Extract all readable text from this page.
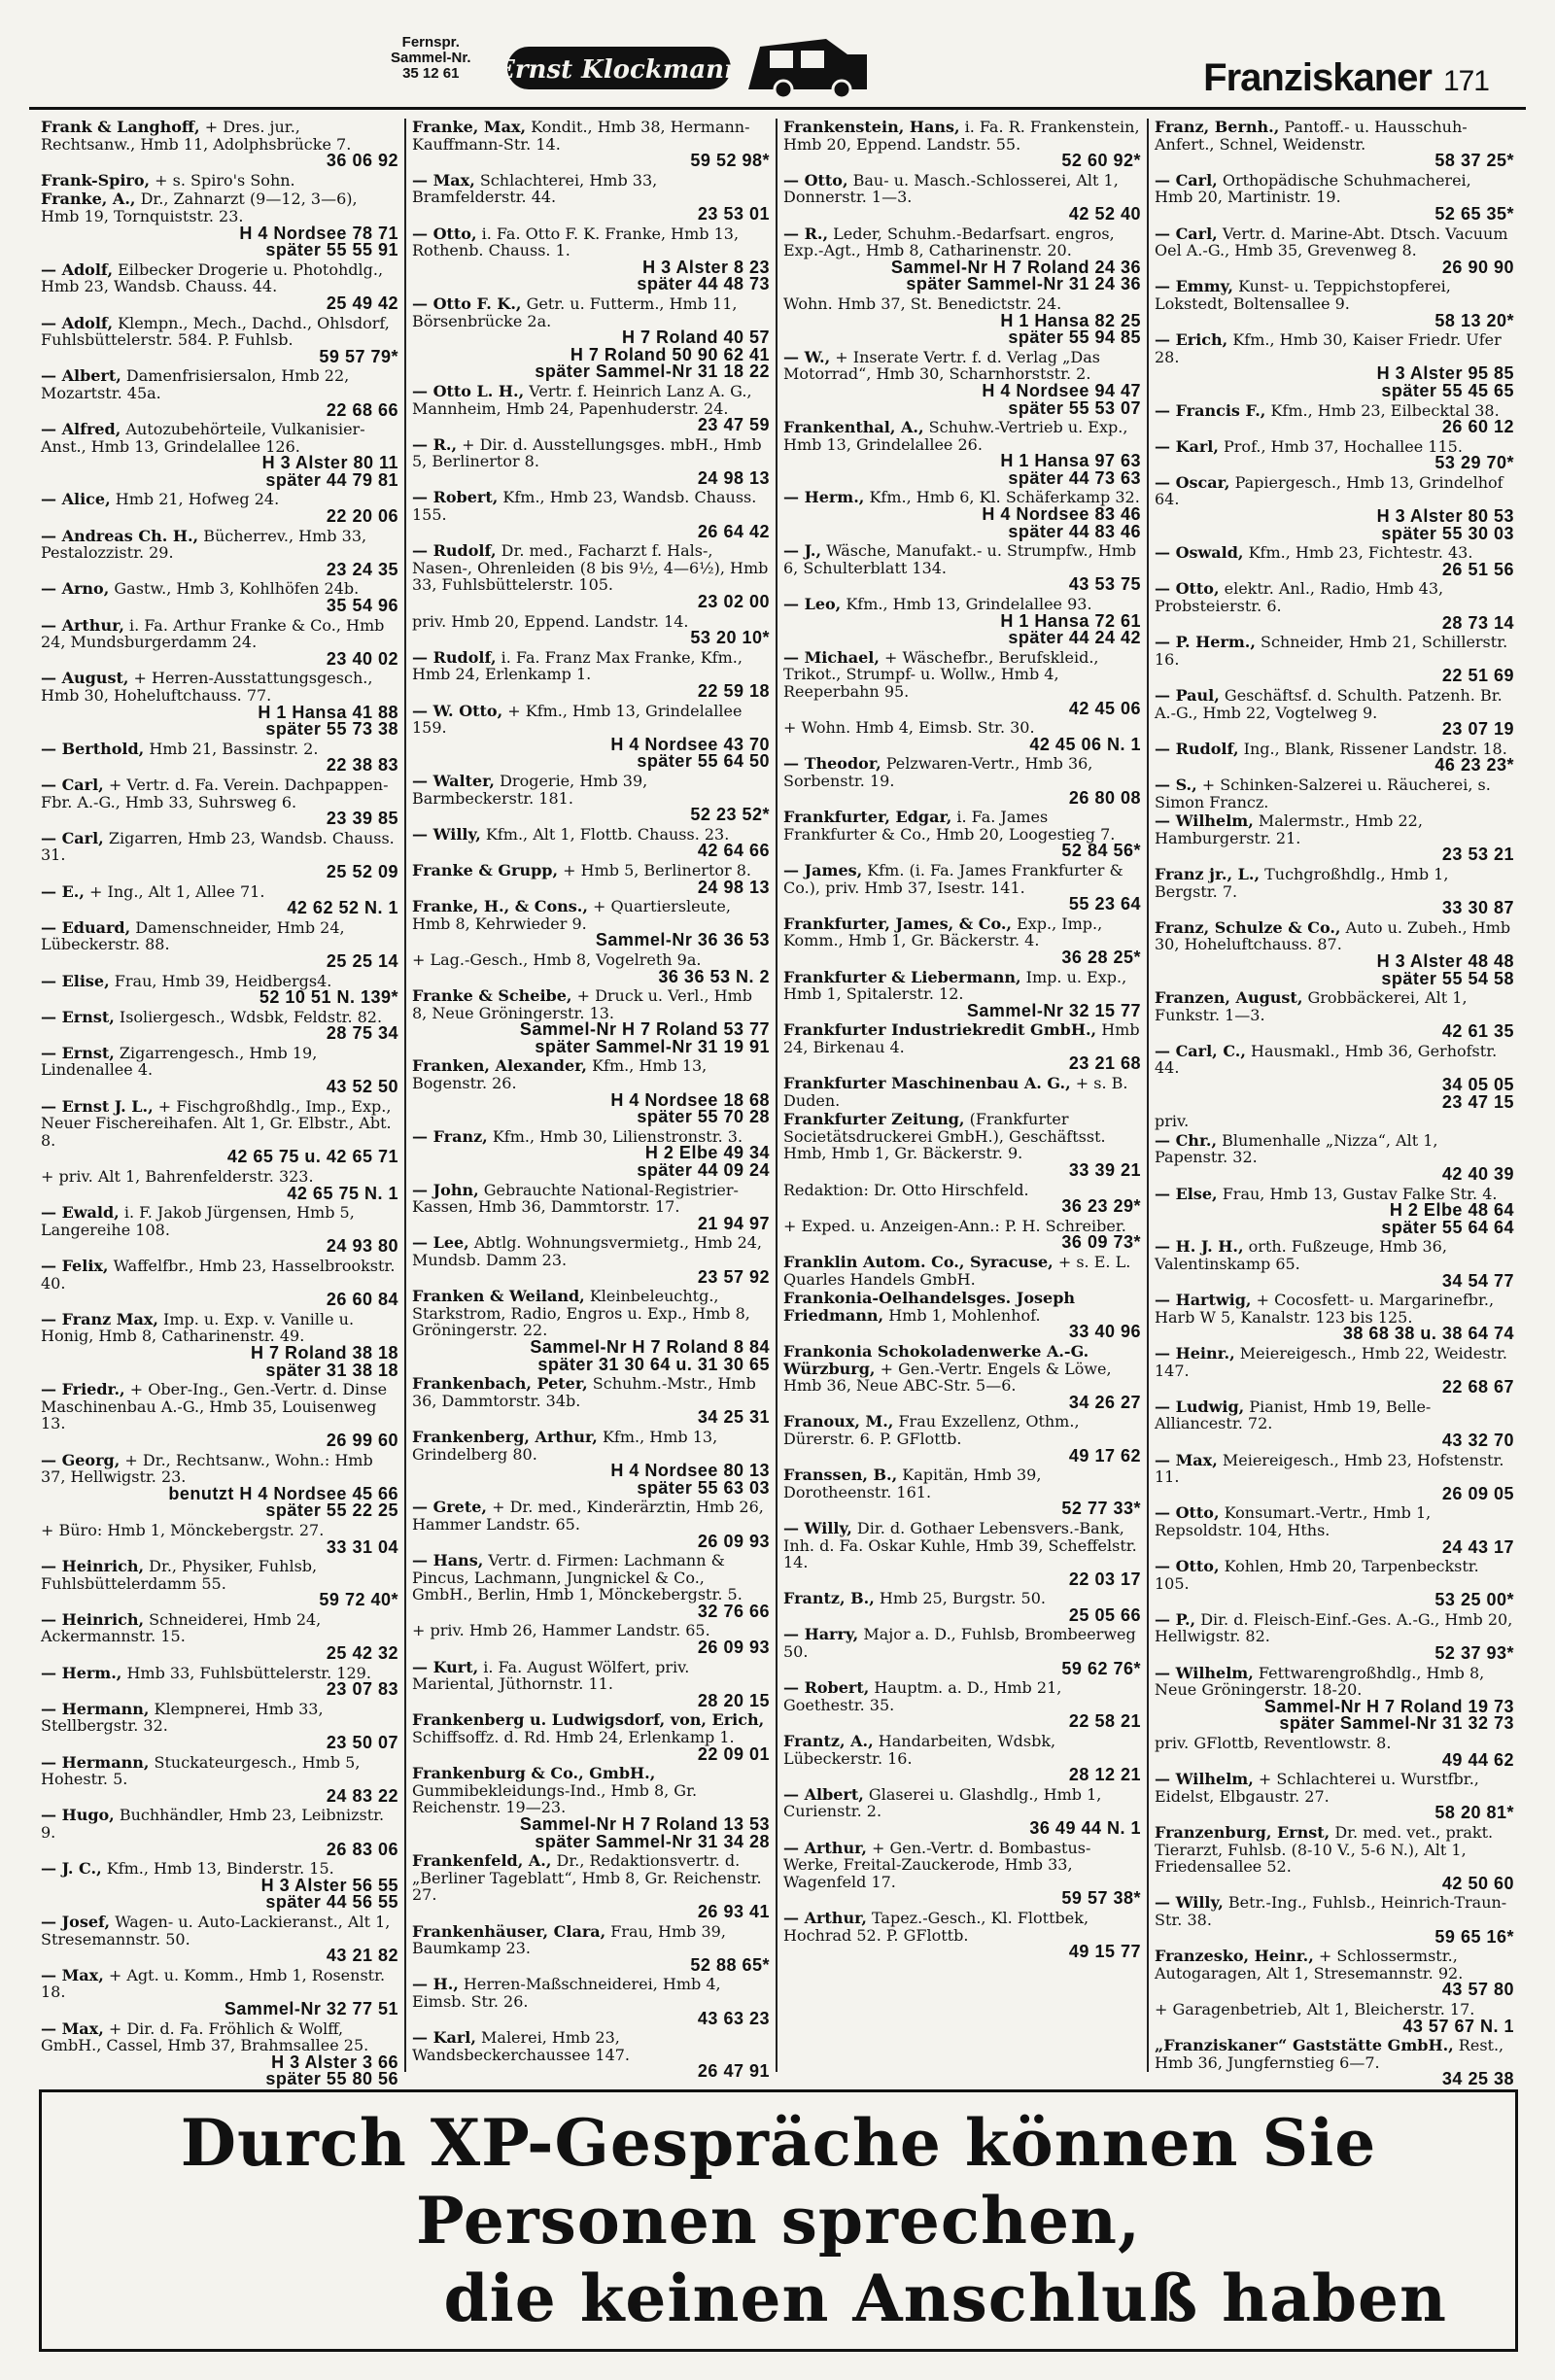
Fernspr.
Sammel-Nr.
35 12 61	Ernst Klockmann	Franziskaner 171
Frank & Langhoff, + Dres. jur., Rechtsanw., Hmb 11, Adolphsbrücke 7.
36 06 92
Frank-Spiro, + s. Spiro's Sohn.
Franke, A., Dr., Zahnarzt (9—12, 3—6), Hmb 19, Tornquiststr. 23.
H 4 Nordsee 78 71
später 55 55 91
— Adolf, Eilbecker Drogerie u. Photohdlg., Hmb 23, Wandsb. Chauss. 44.
25 49 42
— Adolf, Klempn., Mech., Dachd., Ohlsdorf, Fuhlsbüttelerstr. 584. P. Fuhlsb.
59 57 79*
— Albert, Damenfrisiersalon, Hmb 22, Mozartstr. 45a.
22 68 66
— Alfred, Autozubehörteile, Vulkanisier-Anst., Hmb 13, Grindelallee 126.
H 3 Alster 80 11
später 44 79 81
— Alice, Hmb 21, Hofweg 24.
22 20 06
— Andreas Ch. H., Bücherrev., Hmb 33, Pestalozzistr. 29.
23 24 35
— Arno, Gastw., Hmb 3, Kohlhöfen 24b.
35 54 96
— Arthur, i. Fa. Arthur Franke & Co., Hmb 24, Mundsburgerdamm 24.
23 40 02
— August, + Herren-Ausstattungsgesch., Hmb 30, Hoheluftchauss. 77.
H 1 Hansa 41 88
später 55 73 38
— Berthold, Hmb 21, Bassinstr. 2.
22 38 83
— Carl, + Vertr. d. Fa. Verein. Dachpappen-Fbr. A.-G., Hmb 33, Suhrsweg 6.
23 39 85
— Carl, Zigarren, Hmb 23, Wandsb. Chauss. 31.
25 52 09
— E., + Ing., Alt 1, Allee 71.
42 62 52 N. 1
— Eduard, Damenschneider, Hmb 24, Lübeckerstr. 88.
25 25 14
— Elise, Frau, Hmb 39, Heidbergs4.
52 10 51 N. 139*
— Ernst, Isoliergesch., Wdsbk, Feldstr. 82.
28 75 34
— Ernst, Zigarrengesch., Hmb 19, Lindenallee 4.
43 52 50
— Ernst J. L., + Fischgroßhdlg., Imp., Exp., Neuer Fischereihafen. Alt 1, Gr. Elbstr., Abt. 8.
42 65 75 u. 42 65 71
+ priv. Alt 1, Bahrenfelderstr. 323.
42 65 75 N. 1
— Ewald, i. F. Jakob Jürgensen, Hmb 5, Langereihe 108.
24 93 80
— Felix, Waffelfbr., Hmb 23, Hasselbrookstr. 40.
26 60 84
— Franz Max, Imp. u. Exp. v. Vanille u. Honig, Hmb 8, Catharinenstr. 49.
H 7 Roland 38 18
später 31 38 18
— Friedr., + Ober-Ing., Gen.-Vertr. d. Dinse Maschinenbau A.-G., Hmb 35, Louisenweg 13.
26 99 60
— Georg, + Dr., Rechtsanw., Wohn.: Hmb 37, Hellwigstr. 23.
benutzt H 4 Nordsee 45 66
später 55 22 25
+ Büro: Hmb 1, Mönckebergstr. 27.
33 31 04
— Heinrich, Dr., Physiker, Fuhlsb, Fuhlsbüttelerdamm 55.
59 72 40*
— Heinrich, Schneiderei, Hmb 24, Ackermannstr. 15.
25 42 32
— Herm., Hmb 33, Fuhlsbüttelerstr. 129.
23 07 83
— Hermann, Klempnerei, Hmb 33, Stellbergstr. 32.
23 50 07
— Hermann, Stuckateurgesch., Hmb 5, Hohestr. 5.
24 83 22
— Hugo, Buchhändler, Hmb 23, Leibnizstr. 9.
26 83 06
— J. C., Kfm., Hmb 13, Binderstr. 15.
H 3 Alster 56 55
später 44 56 55
— Josef, Wagen- u. Auto-Lackieranst., Alt 1, Stresemannstr. 50.
43 21 82
— Max, + Agt. u. Komm., Hmb 1, Rosenstr. 18.
Sammel-Nr 32 77 51
— Max, + Dir. d. Fa. Fröhlich & Wolff, GmbH., Cassel, Hmb 37, Brahmsallee 25.
H 3 Alster 3 66
später 55 80 56
Franke, Max, Kondit., Hmb 38, Hermann-Kauffmann-Str. 14.
59 52 98*
— Max, Schlachterei, Hmb 33, Bramfelderstr. 44.
23 53 01
— Otto, i. Fa. Otto F. K. Franke, Hmb 13, Rothenb. Chauss. 1.
H 3 Alster 8 23
später 44 48 73
— Otto F. K., Getr. u. Futterm., Hmb 11, Börsenbrücke 2a.
H 7 Roland 40 57
H 7 Roland 50 90 62 41
später Sammel-Nr 31 18 22
— Otto L. H., Vertr. f. Heinrich Lanz A. G., Mannheim, Hmb 24, Papenhuderstr. 24.
23 47 59
— R., + Dir. d. Ausstellungsges. mbH., Hmb 5, Berlinertor 8.
24 98 13
— Robert, Kfm., Hmb 23, Wandsb. Chauss. 155.
26 64 42
— Rudolf, Dr. med., Facharzt f. Hals-, Nasen-, Ohrenleiden (8 bis 9½, 4—6½), Hmb 33, Fuhlsbüttelerstr. 105.
23 02 00
priv. Hmb 20, Eppend. Landstr. 14.
53 20 10*
— Rudolf, i. Fa. Franz Max Franke, Kfm., Hmb 24, Erlenkamp 1.
22 59 18
— W. Otto, + Kfm., Hmb 13, Grindelallee 159.
H 4 Nordsee 43 70
später 55 64 50
— Walter, Drogerie, Hmb 39, Barmbeckerstr. 181.
52 23 52*
— Willy, Kfm., Alt 1, Flottb. Chauss. 23.
42 64 66
Franke & Grupp, + Hmb 5, Berlinertor 8.
24 98 13
Franke, H., & Cons., + Quartiersleute, Hmb 8, Kehrwieder 9.
Sammel-Nr 36 36 53
+ Lag.-Gesch., Hmb 8, Vogelreth 9a.
36 36 53 N. 2
Franke & Scheibe, + Druck u. Verl., Hmb 8, Neue Gröningerstr. 13.
Sammel-Nr H 7 Roland 53 77
später Sammel-Nr 31 19 91
Franken, Alexander, Kfm., Hmb 13, Bogenstr. 26.
H 4 Nordsee 18 68
später 55 70 28
— Franz, Kfm., Hmb 30, Lilienstronstr. 3.
H 2 Elbe 49 34
später 44 09 24
— John, Gebrauchte National-Registrier-Kassen, Hmb 36, Dammtorstr. 17.
21 94 97
— Lee, Abtlg. Wohnungsvermietg., Hmb 24, Mundsb. Damm 23.
23 57 92
Franken & Weiland, Kleinbeleuchtg., Starkstrom, Radio, Engros u. Exp., Hmb 8, Gröningerstr. 22.
Sammel-Nr H 7 Roland 8 84
später 31 30 64 u. 31 30 65
Frankenbach, Peter, Schuhm.-Mstr., Hmb 36, Dammtorstr. 34b.
34 25 31
Frankenberg, Arthur, Kfm., Hmb 13, Grindelberg 80.
H 4 Nordsee 80 13
später 55 63 03
— Grete, + Dr. med., Kinderärztin, Hmb 26, Hammer Landstr. 65.
26 09 93
— Hans, Vertr. d. Firmen: Lachmann & Pincus, Lachmann, Jungnickel & Co., GmbH., Berlin, Hmb 1, Mönckebergstr. 5.
32 76 66
+ priv. Hmb 26, Hammer Landstr. 65.
26 09 93
— Kurt, i. Fa. August Wölfert, priv. Mariental, Jüthornstr. 11.
28 20 15
Frankenberg u. Ludwigsdorf, von, Erich, Schiffsoffz. d. Rd. Hmb 24, Erlenkamp 1.
22 09 01
Frankenburg & Co., GmbH., Gummibekleidungs-Ind., Hmb 8, Gr. Reichenstr. 19—23.
Sammel-Nr H 7 Roland 13 53
später Sammel-Nr 31 34 28
Frankenfeld, A., Dr., Redaktionsvertr. d. „Berliner Tageblatt“, Hmb 8, Gr. Reichenstr. 27.
26 93 41
Frankenhäuser, Clara, Frau, Hmb 39, Baumkamp 23.
52 88 65*
— H., Herren-Maßschneiderei, Hmb 4, Eimsb. Str. 26.
43 63 23
— Karl, Malerei, Hmb 23, Wandsbeckerchaussee 147.
26 47 91
Frankenstein, Hans, i. Fa. R. Frankenstein, Hmb 20, Eppend. Landstr. 55.
52 60 92*
— Otto, Bau- u. Masch.-Schlosserei, Alt 1, Donnerstr. 1—3.
42 52 40
— R., Leder, Schuhm.-Bedarfsart. engros, Exp.-Agt., Hmb 8, Catharinenstr. 20.
Sammel-Nr H 7 Roland 24 36
später Sammel-Nr 31 24 36
Wohn. Hmb 37, St. Benedictstr. 24.
H 1 Hansa 82 25
später 55 94 85
— W., + Inserate Vertr. f. d. Verlag „Das Motorrad“, Hmb 30, Scharnhorststr. 2.
H 4 Nordsee 94 47
später 55 53 07
Frankenthal, A., Schuhw.-Vertrieb u. Exp., Hmb 13, Grindelallee 26.
H 1 Hansa 97 63
später 44 73 63
— Herm., Kfm., Hmb 6, Kl. Schäferkamp 32.
H 4 Nordsee 83 46
später 44 83 46
— J., Wäsche, Manufakt.- u. Strumpfw., Hmb 6, Schulterblatt 134.
43 53 75
— Leo, Kfm., Hmb 13, Grindelallee 93.
H 1 Hansa 72 61
später 44 24 42
— Michael, + Wäschefbr., Berufskleid., Trikot., Strumpf- u. Wollw., Hmb 4, Reeperbahn 95.
42 45 06
+ Wohn. Hmb 4, Eimsb. Str. 30.
42 45 06 N. 1
— Theodor, Pelzwaren-Vertr., Hmb 36, Sorbenstr. 19.
26 80 08
Frankfurter, Edgar, i. Fa. James Frankfurter & Co., Hmb 20, Loogestieg 7.
52 84 56*
— James, Kfm. (i. Fa. James Frankfurter & Co.), priv. Hmb 37, Isestr. 141.
55 23 64
Frankfurter, James, & Co., Exp., Imp., Komm., Hmb 1, Gr. Bäckerstr. 4.
36 28 25*
Frankfurter & Liebermann, Imp. u. Exp., Hmb 1, Spitalerstr. 12.
Sammel-Nr 32 15 77
Frankfurter Industriekredit GmbH., Hmb 24, Birkenau 4.
23 21 68
Frankfurter Maschinenbau A. G., + s. B. Duden.
Frankfurter Zeitung, (Frankfurter Societätsdruckerei GmbH.), Geschäftsst. Hmb, Hmb 1, Gr. Bäckerstr. 9.
33 39 21
Redaktion: Dr. Otto Hirschfeld.
36 23 29*
+ Exped. u. Anzeigen-Ann.: P. H. Schreiber.
36 09 73*
Franklin Autom. Co., Syracuse, + s. E. L. Quarles Handels GmbH.
Frankonia-Oelhandelsges. Joseph Friedmann, Hmb 1, Mohlenhof.
33 40 96
Frankonia Schokoladenwerke A.-G. Würzburg, + Gen.-Vertr. Engels & Löwe, Hmb 36, Neue ABC-Str. 5—6.
34 26 27
Franoux, M., Frau Exzellenz, Othm., Dürerstr. 6. P. GFlottb.
49 17 62
Franssen, B., Kapitän, Hmb 39, Dorotheenstr. 161.
52 77 33*
— Willy, Dir. d. Gothaer Lebensvers.-Bank, Inh. d. Fa. Oskar Kuhle, Hmb 39, Scheffelstr. 14.
22 03 17
Frantz, B., Hmb 25, Burgstr. 50.
25 05 66
— Harry, Major a. D., Fuhlsb, Brombeerweg 50.
59 62 76*
— Robert, Hauptm. a. D., Hmb 21, Goethestr. 35.
22 58 21
Frantz, A., Handarbeiten, Wdsbk, Lübeckerstr. 16.
28 12 21
— Albert, Glaserei u. Glashdlg., Hmb 1, Curienstr. 2.
36 49 44 N. 1
— Arthur, + Gen.-Vertr. d. Bombastus-Werke, Freital-Zauckerode, Hmb 33, Wagenfeld 17.
59 57 38*
— Arthur, Tapez.-Gesch., Kl. Flottbek, Hochrad 52. P. GFlottb.
49 15 77
Franz, Bernh., Pantoff.- u. Hausschuh-Anfert., Schnel, Weidenstr.
58 37 25*
— Carl, Orthopädische Schuhmacherei, Hmb 20, Martinistr. 19.
52 65 35*
— Carl, Vertr. d. Marine-Abt. Dtsch. Vacuum Oel A.-G., Hmb 35, Grevenweg 8.
26 90 90
— Emmy, Kunst- u. Teppichstopferei, Lokstedt, Boltensallee 9.
58 13 20*
— Erich, Kfm., Hmb 30, Kaiser Friedr. Ufer 28.
H 3 Alster 95 85
später 55 45 65
— Francis F., Kfm., Hmb 23, Eilbecktal 38.
26 60 12
— Karl, Prof., Hmb 37, Hochallee 115.
53 29 70*
— Oscar, Papiergesch., Hmb 13, Grindelhof 64.
H 3 Alster 80 53
später 55 30 03
— Oswald, Kfm., Hmb 23, Fichtestr. 43.
26 51 56
— Otto, elektr. Anl., Radio, Hmb 43, Probsteierstr. 6.
28 73 14
— P. Herm., Schneider, Hmb 21, Schillerstr. 16.
22 51 69
— Paul, Geschäftsf. d. Schulth. Patzenh. Br. A.-G., Hmb 22, Vogtelweg 9.
23 07 19
— Rudolf, Ing., Blank, Rissener Landstr. 18.
46 23 23*
— S., + Schinken-Salzerei u. Räucherei, s. Simon Francz.
— Wilhelm, Malermstr., Hmb 22, Hamburgerstr. 21.
23 53 21
Franz jr., L., Tuchgroßhdlg., Hmb 1, Bergstr. 7.
33 30 87
Franz, Schulze & Co., Auto u. Zubeh., Hmb 30, Hoheluftchauss. 87.
H 3 Alster 48 48
später 55 54 58
Franzen, August, Grobbäckerei, Alt 1, Funkstr. 1—3.
42 61 35
— Carl, C., Hausmakl., Hmb 36, Gerhofstr. 44.
34 05 05
23 47 15
priv.
— Chr., Blumenhalle „Nizza“, Alt 1, Papenstr. 32.
42 40 39
— Else, Frau, Hmb 13, Gustav Falke Str. 4.
H 2 Elbe 48 64
später 55 64 64
— H. J. H., orth. Fußzeuge, Hmb 36, Valentinskamp 65.
34 54 77
— Hartwig, + Cocosfett- u. Margarinefbr., Harb W 5, Kanalstr. 123 bis 125.
38 68 38 u. 38 64 74
— Heinr., Meiereigesch., Hmb 22, Weidestr. 147.
22 68 67
— Ludwig, Pianist, Hmb 19, Belle-Alliancestr. 72.
43 32 70
— Max, Meiereigesch., Hmb 23, Hofstenstr. 11.
26 09 05
— Otto, Konsumart.-Vertr., Hmb 1, Repsoldstr. 104, Hths.
24 43 17
— Otto, Kohlen, Hmb 20, Tarpenbeckstr. 105.
53 25 00*
— P., Dir. d. Fleisch-Einf.-Ges. A.-G., Hmb 20, Hellwigstr. 82.
52 37 93*
— Wilhelm, Fettwarengroßhdlg., Hmb 8, Neue Gröningerstr. 18-20.
Sammel-Nr H 7 Roland 19 73
später Sammel-Nr 31 32 73
priv. GFlottb, Reventlowstr. 8.
49 44 62
— Wilhelm, + Schlachterei u. Wurstfbr., Eidelst, Elbgaustr. 27.
58 20 81*
Franzenburg, Ernst, Dr. med. vet., prakt. Tierarzt, Fuhlsb. (8-10 V., 5-6 N.), Alt 1, Friedensallee 52.
42 50 60
— Willy, Betr.-Ing., Fuhlsb., Heinrich-Traun-Str. 38.
59 65 16*
Franzesko, Heinr., + Schlossermstr., Autogaragen, Alt 1, Stresemannstr. 92.
43 57 80
+ Garagenbetrieb, Alt 1, Bleicherstr. 17.
43 57 67 N. 1
„Franziskaner“ Gaststätte GmbH., Rest., Hmb 36, Jungfernstieg 6—7.
34 25 38
Durch XP-Gespräche können Sie Personen sprechen,
die keinen Anschluß haben
